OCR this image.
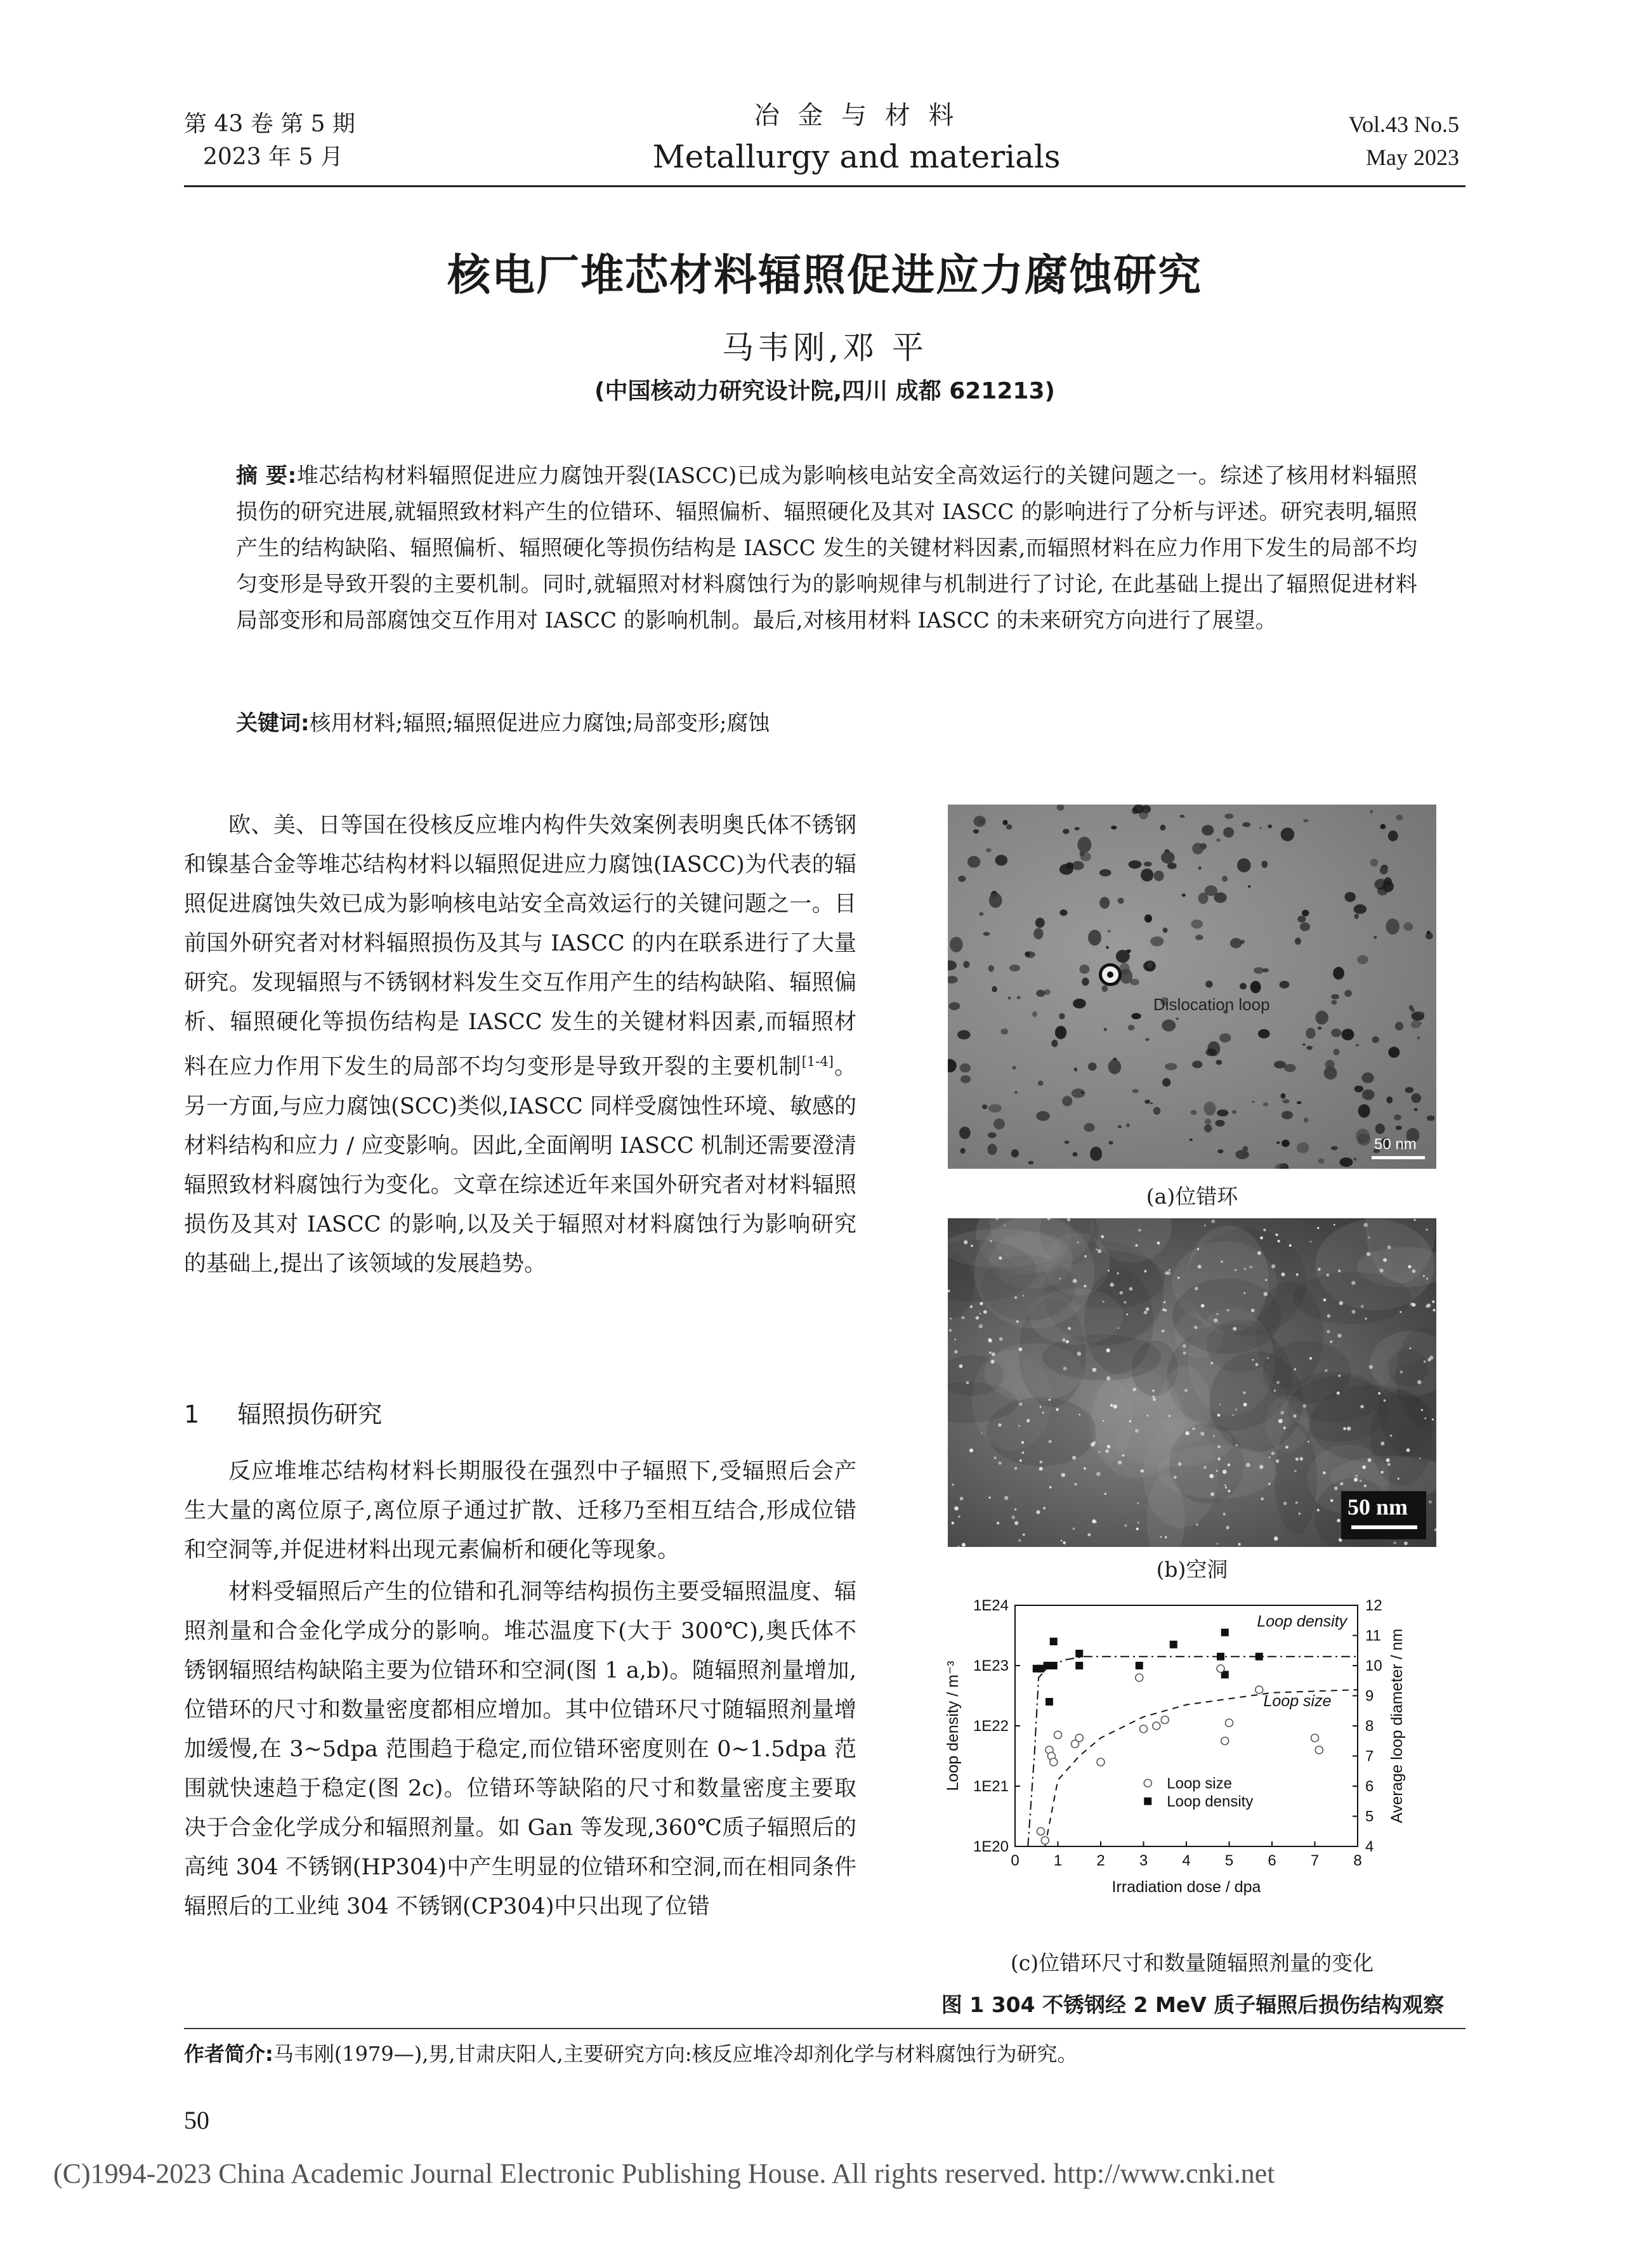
第 43 卷 第 5 期
2023 年 5 月
冶 金 与 材 料
Metallurgy and materials
Vol.43 No.5
May 2023
核电厂堆芯材料辐照促进应力腐蚀研究
马韦刚,邓 平
(中国核动力研究设计院,四川 成都 621213)
摘 要:堆芯结构材料辐照促进应力腐蚀开裂(IASCC)已成为影响核电站安全高效运行的关键问题之一。综述了核用材料辐照损伤的研究进展,就辐照致材料产生的位错环、辐照偏析、辐照硬化及其对 IASCC 的影响进行了分析与评述。研究表明,辐照产生的结构缺陷、辐照偏析、辐照硬化等损伤结构是 IASCC 发生的关键材料因素,而辐照材料在应力作用下发生的局部不均匀变形是导致开裂的主要机制。同时,就辐照对材料腐蚀行为的影响规律与机制进行了讨论, 在此基础上提出了辐照促进材料局部变形和局部腐蚀交互作用对 IASCC 的影响机制。最后,对核用材料 IASCC 的未来研究方向进行了展望。
关键词:核用材料;辐照;辐照促进应力腐蚀;局部变形;腐蚀

欧、美、日等国在役核反应堆内构件失效案例表明奥氏体不锈钢和镍基合金等堆芯结构材料以辐照促进应力腐蚀(IASCC)为代表的辐照促进腐蚀失效已成为影响核电站安全高效运行的关键问题之一。目前国外研究者对材料辐照损伤及其与 IASCC 的内在联系进行了大量研究。发现辐照与不锈钢材料发生交互作用产生的结构缺陷、辐照偏析、辐照硬化等损伤结构是 IASCC 发生的关键材料因素,而辐照材料在应力作用下发生的局部不均匀变形是导致开裂的主要机制[1-4]。另一方面,与应力腐蚀(SCC)类似,IASCC 同样受腐蚀性环境、敏感的材料结构和应力 / 应变影响。因此,全面阐明 IASCC 机制还需要澄清辐照致材料腐蚀行为变化。文章在综述近年来国外研究者对材料辐照损伤及其对 IASCC 的影响,以及关于辐照对材料腐蚀行为影响研究的基础上,提出了该领域的发展趋势。

1 辐照损伤研究

反应堆堆芯结构材料长期服役在强烈中子辐照下,受辐照后会产生大量的离位原子,离位原子通过扩散、迁移乃至相互结合,形成位错和空洞等,并促进材料出现元素偏析和硬化等现象。

材料受辐照后产生的位错和孔洞等结构损伤主要受辐照温度、辐照剂量和合金化学成分的影响。堆芯温度下(大于 300℃),奥氏体不锈钢辐照结构缺陷主要为位错环和空洞(图 1 a,b)。随辐照剂量增加,位错环的尺寸和数量密度都相应增加。其中位错环尺寸随辐照剂量增加缓慢,在 3~5dpa 范围趋于稳定,而位错环密度则在 0~1.5dpa 范围就快速趋于稳定(图 2c)。位错环等缺陷的尺寸和数量密度主要取决于合金化学成分和辐照剂量。如 Gan 等发现,360℃质子辐照后的高纯 304 不锈钢(HP304)中产生明显的位错环和空洞,而在相同条件辐照后的工业纯 304 不锈钢(CP304)中只出现了位错

Dislocation loop
50 nm
(a)位错环
50 nm
(b)空洞
0 1 2 3 4 5 6 7 8
1E20
1E21
1E22
1E23
1E24
4
5
6
7
8
9
10
11
12
Irradiation dose / dpa
Loop density / m⁻³	Average loop diameter / nm
Loop density
Loop size
Loop size
Loop density
(c)位错环尺寸和数量随辐照剂量的变化
图 1 304 不锈钢经 2 MeV 质子辐照后损伤结构观察
作者简介:马韦刚(1979—),男,甘肃庆阳人,主要研究方向:核反应堆冷却剂化学与材料腐蚀行为研究。
50
(C)1994-2023 China Academic Journal Electronic Publishing House. All rights reserved. http://www.cnki.net
